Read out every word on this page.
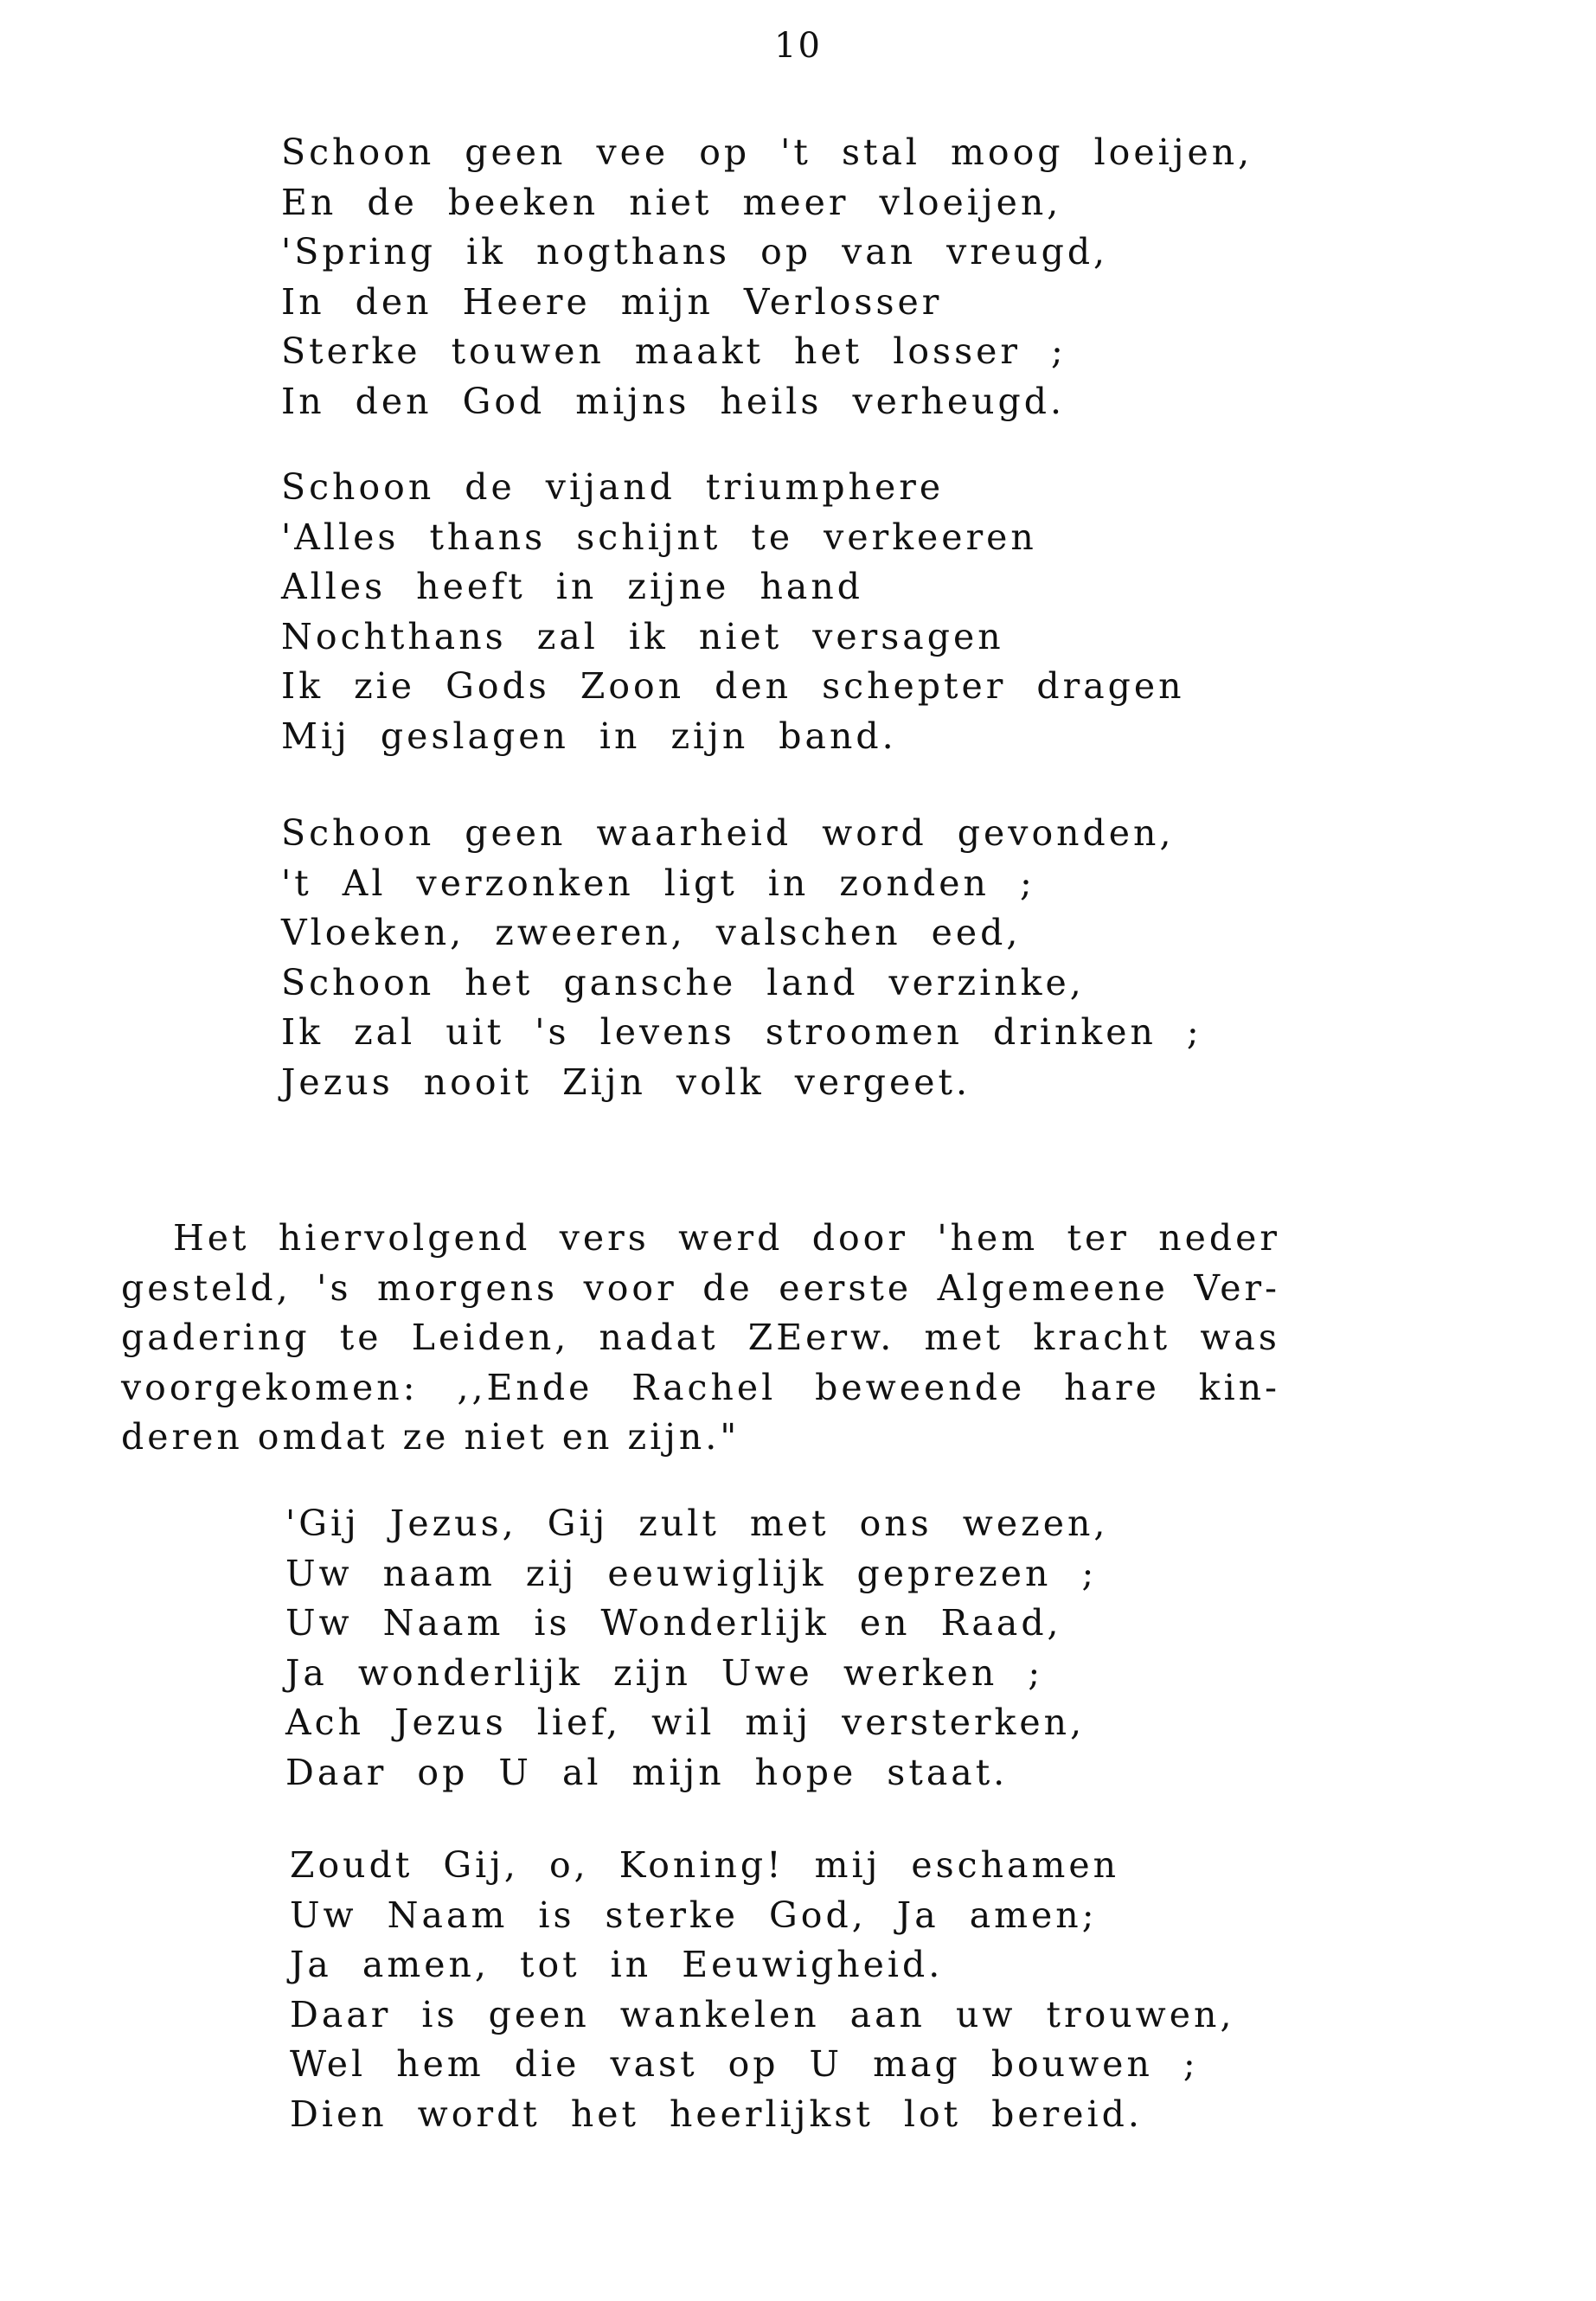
10
Schoon geen vee op 't stal moog loeijen,
En de beeken niet meer vloeijen,
'Spring ik nogthans op van vreugd,
In den Heere mijn Verlosser
Sterke touwen maakt het losser ;
In den God mijns heils verheugd.
Schoon de vijand triumphere
'Alles thans schijnt te verkeeren
Alles heeft in zijne hand
Nochthans zal ik niet versagen
Ik zie Gods Zoon den schepter dragen
Mij geslagen in zijn band.
Schoon geen waarheid word gevonden,
't Al verzonken ligt in zonden ;
Vloeken, zweeren, valschen eed,
Schoon het gansche land verzinke,
Ik zal uit 's levens stroomen drinken ;
Jezus nooit Zijn volk vergeet.
Het hiervolgend vers werd door 'hem ter neder
gesteld, 's morgens voor de eerste Algemeene Ver-
gadering te Leiden, nadat ZEerw. met kracht was
voorgekomen: ,,Ende Rachel beweende hare kin-
deren omdat ze niet en zijn."
'Gij Jezus, Gij zult met ons wezen,
Uw naam zij eeuwiglijk geprezen ;
Uw Naam is Wonderlijk en Raad,
Ja wonderlijk zijn Uwe werken ;
Ach Jezus lief, wil mij versterken,
Daar op U al mijn hope staat.
Zoudt Gij, o, Koning! mij eschamen
Uw Naam is sterke God, Ja amen;
Ja amen, tot in Eeuwigheid.
Daar is geen wankelen aan uw trouwen,
Wel hem die vast op U mag bouwen ;
Dien wordt het heerlijkst lot bereid.
